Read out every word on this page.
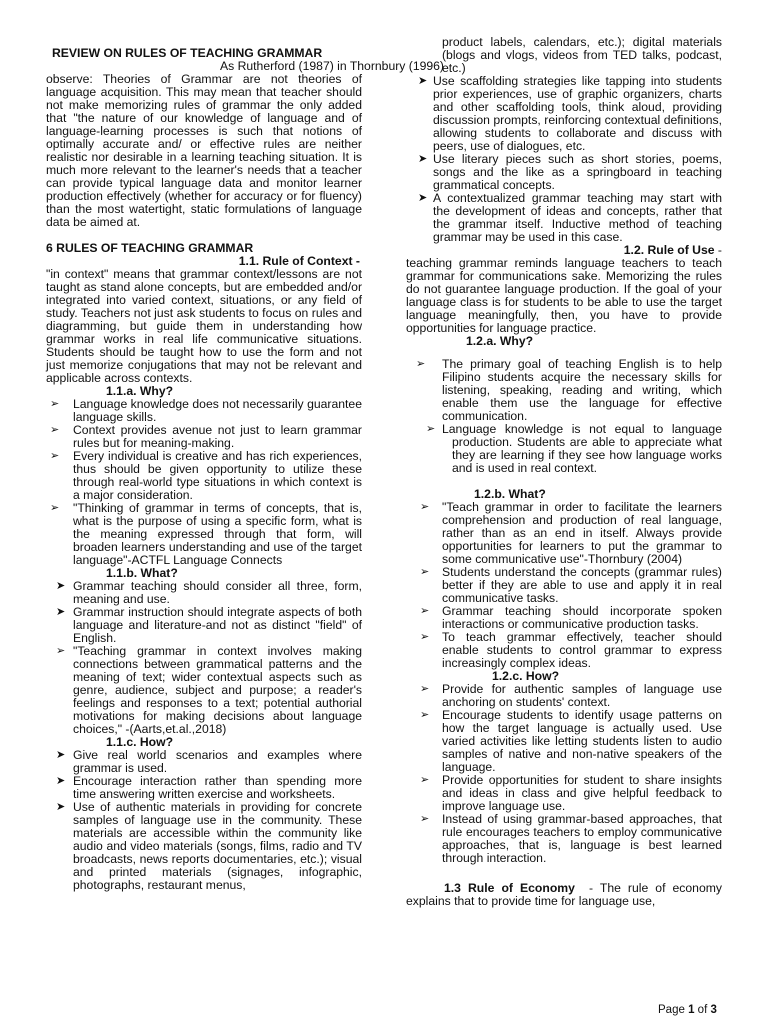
REVIEW ON RULES OF TEACHING GRAMMAR

As Rutherford (1987) in Thornbury (1996)

observe: Theories of Grammar are not theories of language acquisition. This may mean that teacher should not make memorizing rules of grammar the only added that "the nature of our knowledge of language and of language-learning processes is such that notions of optimally accurate and/ or effective rules are neither realistic nor desirable in a learning teaching situation. It is much more relevant to the learner's needs that a teacher can provide typical language data and monitor learner production effectively (whether for accuracy or for fluency) than the most watertight, static formulations of language data be aimed at.

6 RULES OF TEACHING GRAMMAR

1.1. Rule of Context -

"in context" means that grammar context/lessons are not taught as stand alone concepts, but are embedded and/or integrated into varied context, situations, or any field of study. Teachers not just ask students to focus on rules and diagramming, but guide them in understanding how grammar works in real life communicative situations. Students should be taught how to use the form and not just memorize conjugations that may not be relevant and applicable across contexts.

1.1.a. Why?

➢ Language knowledge does not necessarily guarantee language skills.
➢ Context provides avenue not just to learn grammar rules but for meaning-making.
➢ Every individual is creative and has rich experiences, thus should be given opportunity to utilize these through real-world type situations in which context is a major consideration.
➢ "Thinking of grammar in terms of concepts, that is, what is the purpose of using a specific form, what is the meaning expressed through that form, will broaden learners understanding and use of the target language"-ACTFL Language Connects

1.1.b. What?

➤ Grammar teaching should consider all three, form, meaning and use.
➤ Grammar instruction should integrate aspects of both language and literature-and not as distinct "field" of English.
➢ "Teaching grammar in context involves making connections between grammatical patterns and the meaning of text; wider contextual aspects such as genre, audience, subject and purpose; a reader's feelings and responses to a text; potential authorial motivations for making decisions about language choices," -(Aarts,et.al.,2018)

1.1.c. How?

➤ Give real world scenarios and examples where grammar is used.
➤ Encourage interaction rather than spending more time answering written exercise and worksheets.
➤ Use of authentic materials in providing for concrete samples of language use in the community. These materials are accessible within the community like audio and video materials (songs, films, radio and TV broadcasts, news reports documentaries, etc.); visual and printed materials (signages, infographic, photographs, restaurant menus,

product labels, calendars, etc.); digital materials (blogs and vlogs, videos from TED talks, podcast, etc.)

➤ Use scaffolding strategies like tapping into students prior experiences, use of graphic organizers, charts and other scaffolding tools, think aloud, providing discussion prompts, reinforcing contextual definitions, allowing students to collaborate and discuss with peers, use of dialogues, etc.
➤ Use literary pieces such as short stories, poems, songs and the like as a springboard in teaching grammatical concepts.
➤ A contextualized grammar teaching may start with the development of ideas and concepts, rather that the grammar itself. Inductive method of teaching grammar may be used in this case.

1.2. Rule of Use -

teaching grammar reminds language teachers to teach grammar for communications sake. Memorizing the rules do not guarantee language production. If the goal of your language class is for students to be able to use the target language meaningfully, then, you have to provide opportunities for language practice.

1.2.a. Why?

➢ The primary goal of teaching English is to help Filipino students acquire the necessary skills for listening, speaking, reading and writing, which enable them use the language for effective communication.
➢ Language knowledge is not equal to language production. Students are able to appreciate what they are learning if they see how language works and is used in real context.

1.2.b. What?

➢ "Teach grammar in order to facilitate the learners comprehension and production of real language, rather than as an end in itself. Always provide opportunities for learners to put the grammar to some communicative use"-Thornbury (2004)
➢ Students understand the concepts (grammar rules) better if they are able to use and apply it in real communicative tasks.
➢ Grammar teaching should incorporate spoken interactions or communicative production tasks.
➢ To teach grammar effectively, teacher should enable students to control grammar to express increasingly complex ideas.

1.2.c. How?

➢ Provide for authentic samples of language use anchoring on students' context.
➢ Encourage students to identify usage patterns on how the target language is actually used. Use varied activities like letting students listen to audio samples of native and non-native speakers of the language.
➢ Provide opportunities for student to share insights and ideas in class and give helpful feedback to improve language use.
➢ Instead of using grammar-based approaches, that rule encourages teachers to employ communicative approaches, that is, language is best learned through interaction.

1.3 Rule of Economy - The rule of economy explains that to provide time for language use,

Page 1 of 3
